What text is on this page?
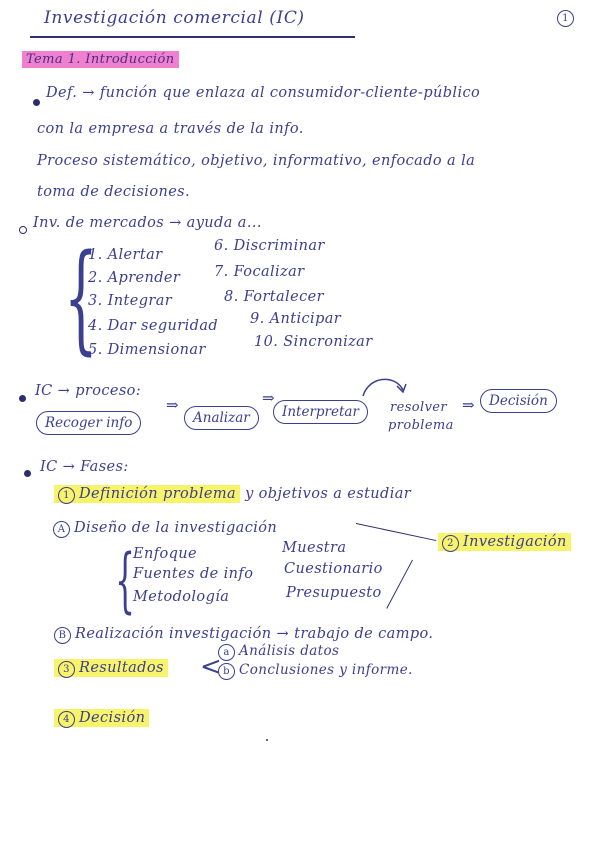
Investigación comercial (IC)	1
Tema 1. Introducción
Def. → función que enlaza al consumidor-cliente-público
con la empresa a través de la info.
Proceso sistemático, objetivo, informativo, enfocado a la
toma de decisiones.
Inv. de mercados → ayuda a...
{
1. Alertar
2. Aprender
3. Integrar
4. Dar seguridad
5. Dimensionar
6. Discriminar
7. Focalizar
8. Fortalecer
9. Anticipar
10. Sincronizar
IC → proceso:
Recoger info
⇒
Analizar
⇒
Interpretar	resolver
problema
⇒	Decisión
IC → Fases:
1 Definición problema y objetivos a estudiar
A Diseño de la investigación
{
Enfoque
Fuentes de info
Metodología
Muestra
Cuestionario
Presupuesto
2 Investigación
B Realización investigación → trabajo de campo.
3 Resultados < a Análisis datos
b Conclusiones y informe.
4 Decisión
